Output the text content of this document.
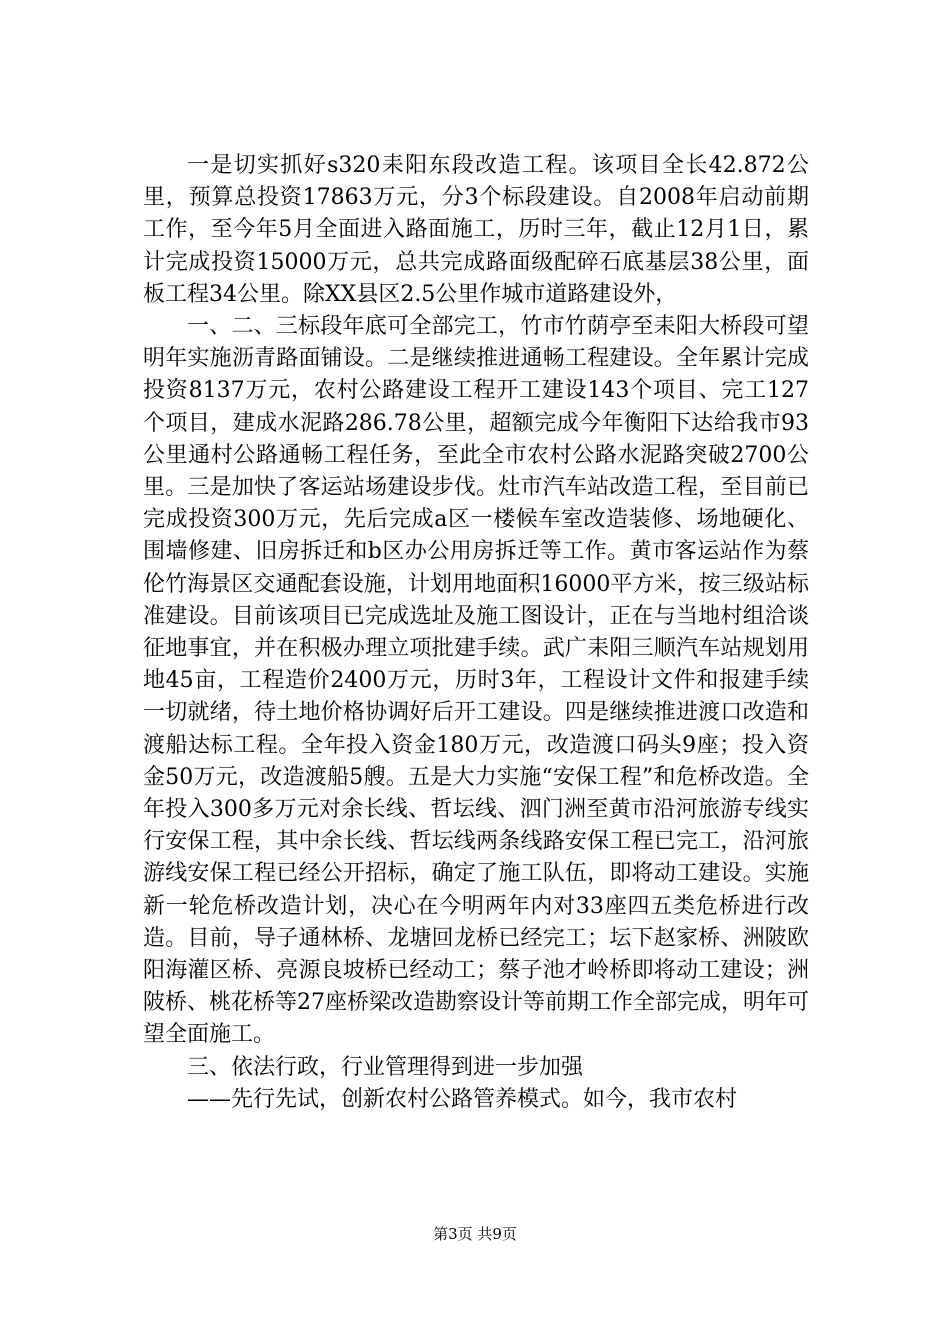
一是切实抓好s320耒阳东段改造工程。该项目全长42.872公里，预算总投资17863万元，分3个标段建设。自2008年启动前期工作，至今年5月全面进入路面施工，历时三年，截止12月1日，累计完成投资15000万元，总共完成路面级配碎石底基层38公里，面板工程34公里。除XX县区2.5公里作城市道路建设外，

一、二、三标段年底可全部完工，竹市竹荫亭至耒阳大桥段可望明年实施沥青路面铺设。二是继续推进通畅工程建设。全年累计完成投资8137万元，农村公路建设工程开工建设143个项目、完工127个项目，建成水泥路286.78公里，超额完成今年衡阳下达给我市93公里通村公路通畅工程任务，至此全市农村公路水泥路突破2700公里。三是加快了客运站场建设步伐。灶市汽车站改造工程，至目前已完成投资300万元，先后完成a区一楼候车室改造装修、场地硬化、围墙修建、旧房拆迁和b区办公用房拆迁等工作。黄市客运站作为蔡伦竹海景区交通配套设施，计划用地面积16000平方米，按三级站标准建设。目前该项目已完成选址及施工图设计，正在与当地村组洽谈征地事宜，并在积极办理立项批建手续。武广耒阳三顺汽车站规划用地45亩，工程造价2400万元，历时3年，工程设计文件和报建手续一切就绪，待土地价格协调好后开工建设。四是继续推进渡口改造和渡船达标工程。全年投入资金180万元，改造渡口码头9座；投入资金50万元，改造渡船5艘。五是大力实施“安保工程”和危桥改造。全年投入300多万元对余长线、哲坛线、泗门洲至黄市沿河旅游专线实行安保工程，其中余长线、哲坛线两条线路安保工程已完工，沿河旅游线安保工程已经公开招标，确定了施工队伍，即将动工建设。实施新一轮危桥改造计划，决心在今明两年内对33座四五类危桥进行改造。目前，导子通林桥、龙塘回龙桥已经完工；坛下赵家桥、洲陂欧阳海灌区桥、亮源良坡桥已经动工；蔡子池才岭桥即将动工建设；洲陂桥、桃花桥等27座桥梁改造勘察设计等前期工作全部完成，明年可望全面施工。

三、依法行政，行业管理得到进一步加强

——先行先试，创新农村公路管养模式。如今，我市农村

第3页 共9页
